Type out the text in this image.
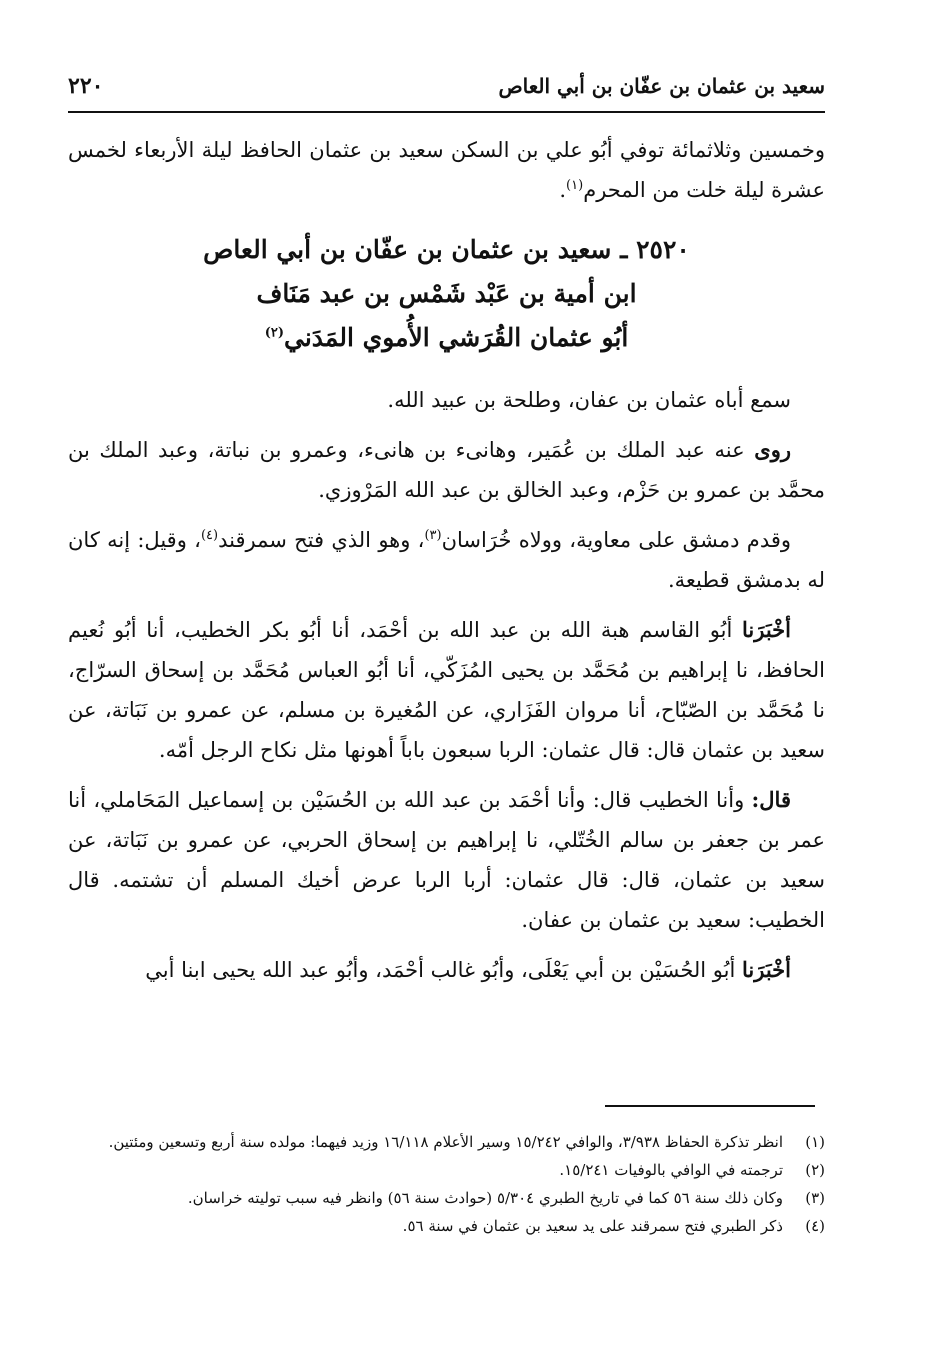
سعيد بن عثمان بن عفّان بن أبي العاص
٢٢٠

وخمسين وثلاثمائة توفي أبُو علي بن السكن سعيد بن عثمان الحافظ ليلة الأربعاء لخمس عشرة ليلة خلت من المحرم$^{(١)}$.

٢٥٢٠ ـ سعيد بن عثمان بن عفّان بن أبي العاص
ابن أمية بن عَبْد شَمْس بن عبد مَنَاف
أبُو عثمان القُرَشي الأُموي المَدَني$^{(٢)}$

سمع أباه عثمان بن عفان، وطلحة بن عبيد الله.

روى عنه عبد الملك بن عُمَير، وهانىء بن هانىء، وعمرو بن نباتة، وعبد الملك بن محمَّد بن عمرو بن حَزْم، وعبد الخالق بن عبد الله المَرْوزي.

وقدم دمشق على معاوية، وولاه خُرَاسان$^{(٣)}$، وهو الذي فتح سمرقند$^{(٤)}$، وقيل: إنه كان له بدمشق قطيعة.

أخْبَرَنا أبُو القاسم هبة الله بن عبد الله بن أحْمَد، أنا أبُو بكر الخطيب، أنا أبُو نُعيم الحافظ، نا إبراهيم بن مُحَمَّد بن يحيى المُزَكّي، أنا أبُو العباس مُحَمَّد بن إسحاق السرّاج، نا مُحَمَّد بن الصّبّاح، أنا مروان الفَزَاري، عن المُغيرة بن مسلم، عن عمرو بن نَبَاتة، عن سعيد بن عثمان قال: قال عثمان: الربا سبعون باباً أهونها مثل نكاح الرجل أمّه.

قال: وأنا الخطيب قال: وأنا أحْمَد بن عبد الله بن الحُسَيْن بن إسماعيل المَحَاملي، أنا عمر بن جعفر بن سالم الخُتّلي، نا إبراهيم بن إسحاق الحربي، عن عمرو بن نَبَاتة، عن سعيد بن عثمان، قال: قال عثمان: أربا الربا عرض أخيك المسلم أن تشتمه. قال الخطيب: سعيد بن عثمان بن عفان.

أخْبَرَنا أبُو الحُسَيْن بن أبي يَعْلَى، وأبُو غالب أحْمَد، وأبُو عبد الله يحيى ابنا أبي

(١)
انظر تذكرة الحفاظ ٣/٩٣٨، والوافي ١٥/٢٤٢ وسير الأعلام ١٦/١١٨ وزيد فيهما: مولده سنة أربع وتسعين ومئتين.
(٢)
ترجمته في الوافي بالوفيات ١٥/٢٤١.
(٣)
وكان ذلك سنة ٥٦ كما في تاريخ الطبري ٥/٣٠٤ (حوادث سنة ٥٦) وانظر فيه سبب توليته خراسان.
(٤)
ذكر الطبري فتح سمرقند على يد سعيد بن عثمان في سنة ٥٦.
